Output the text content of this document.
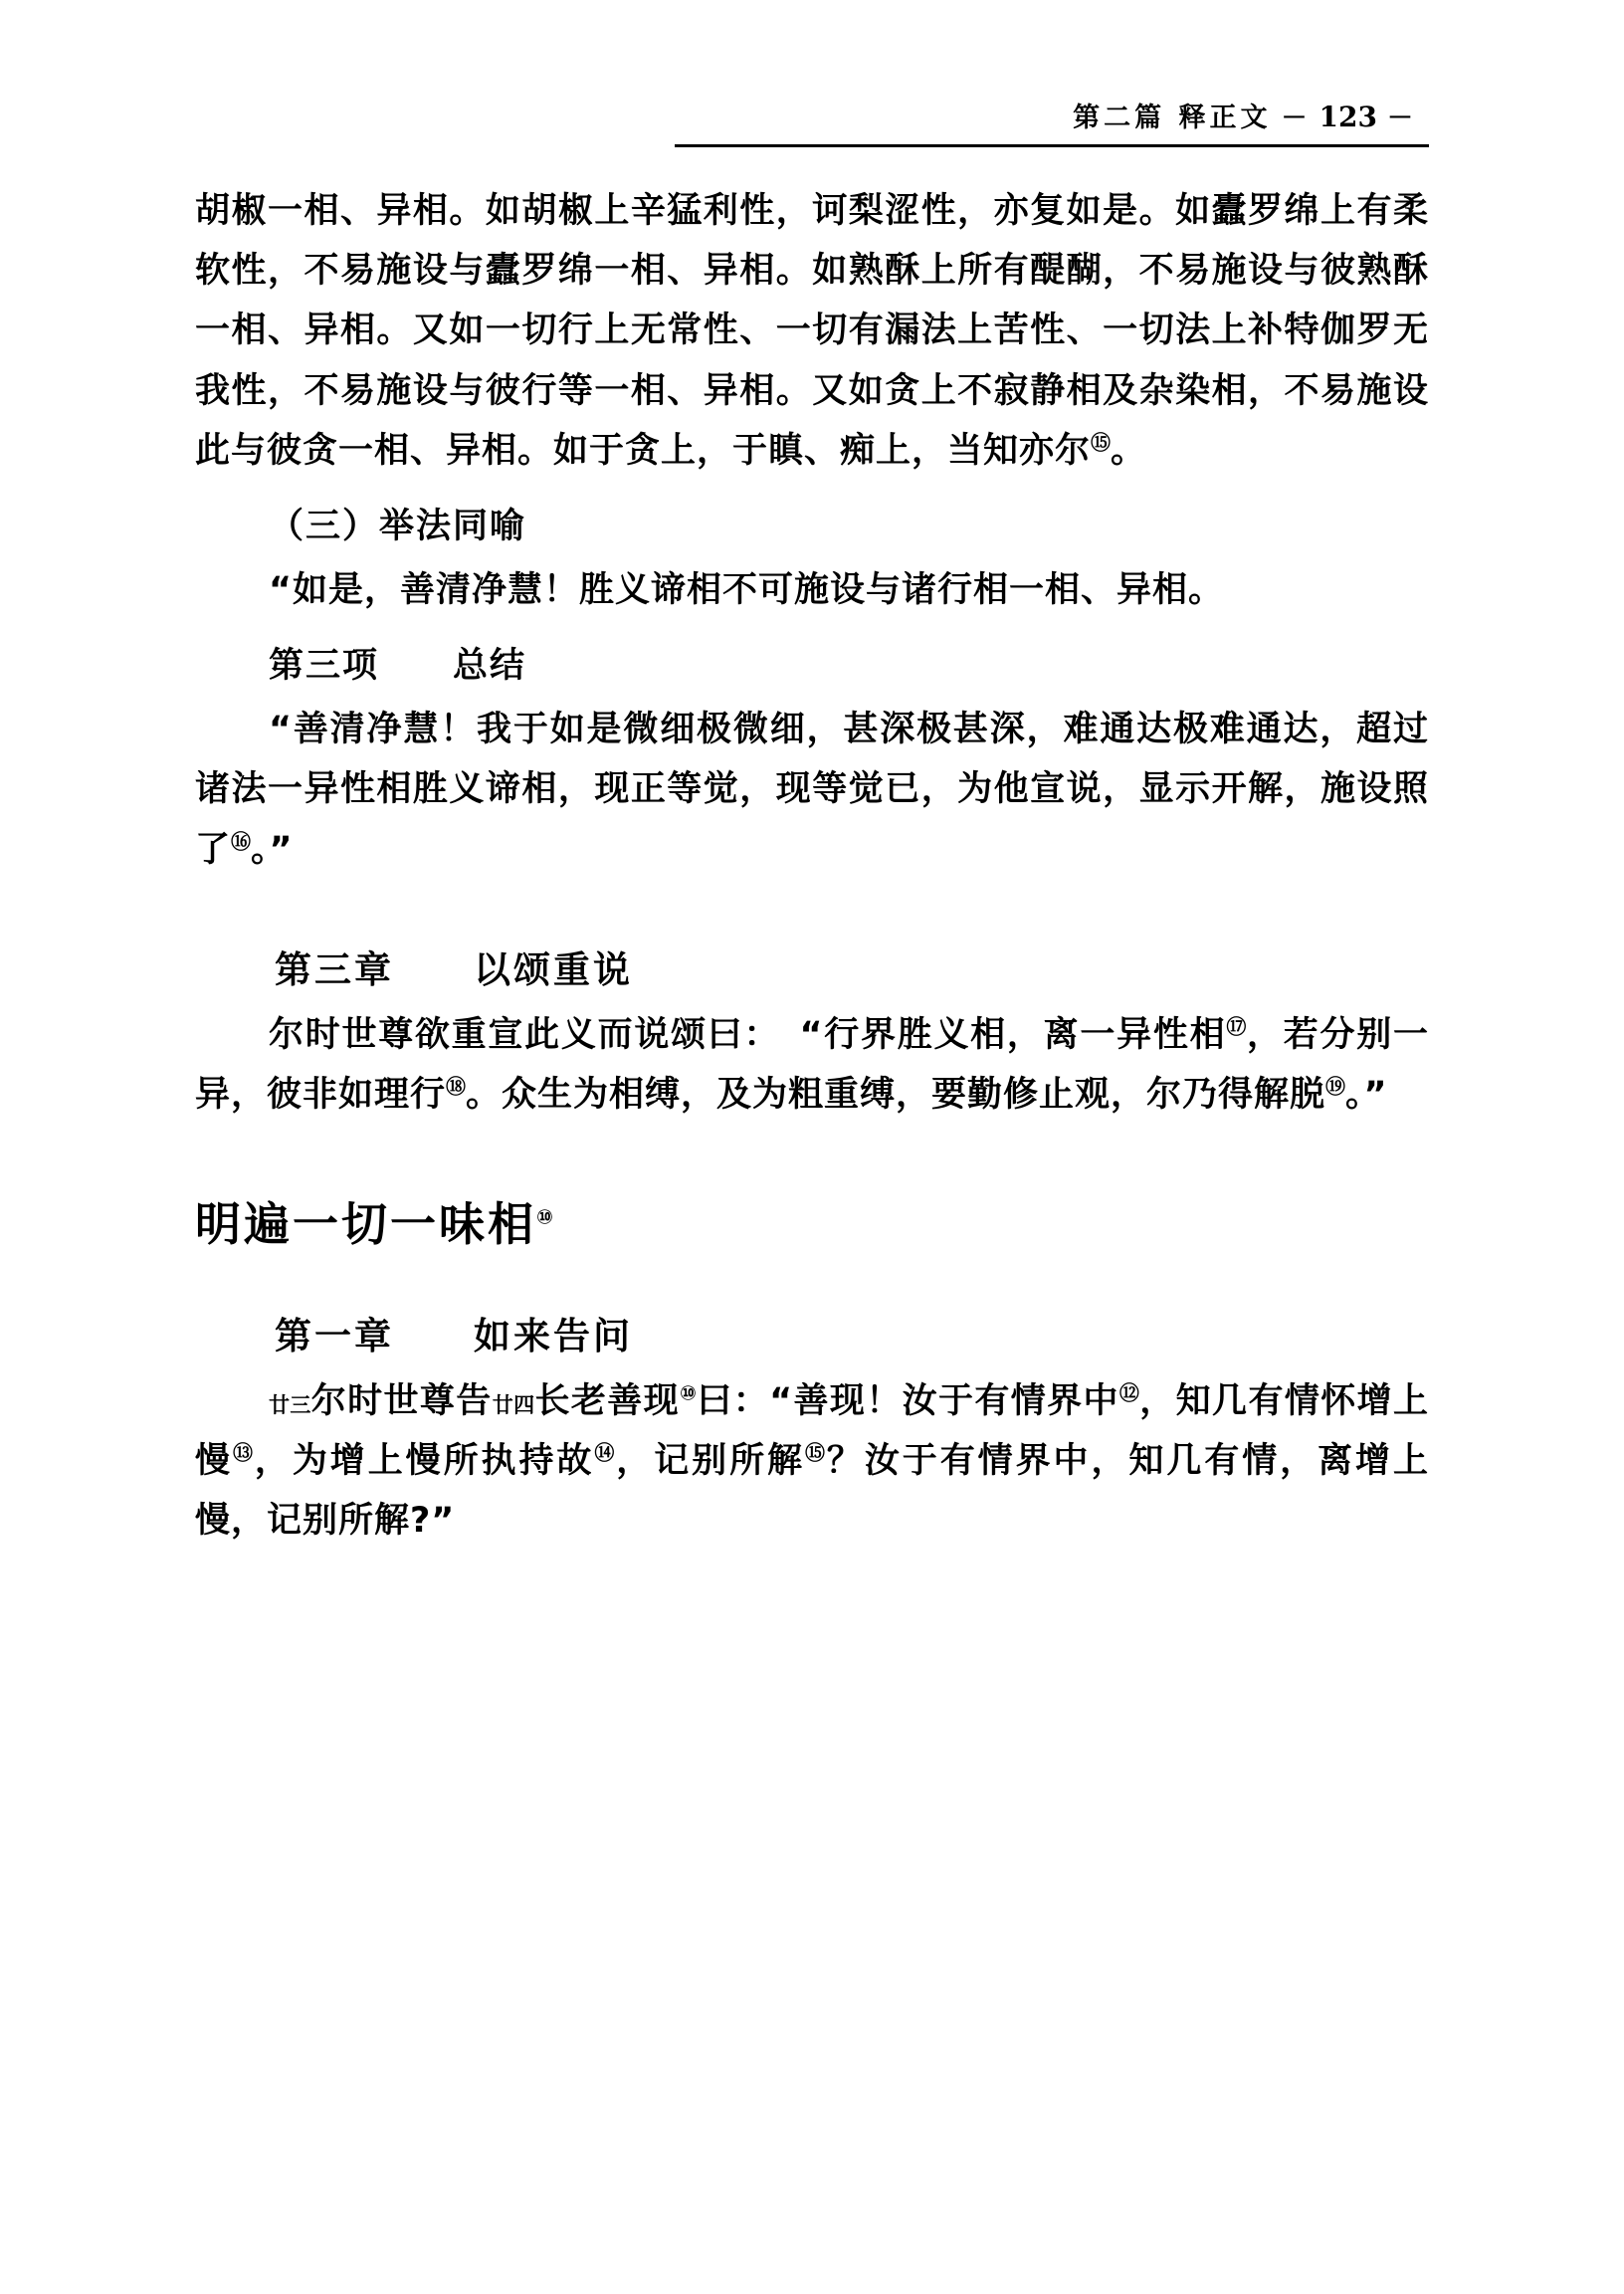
第二篇 释正文 － 123 －
胡椒一相、异相。如胡椒上辛猛利性，诃梨涩性，亦复如是。如蠹罗绵上有柔软性，不易施设与蠹罗绵一相、异相。如熟酥上所有醍醐，不易施设与彼熟酥一相、异相。又如一切行上无常性、一切有漏法上苦性、一切法上补特伽罗无我性，不易施设与彼行等一相、异相。又如贪上不寂静相及杂染相，不易施设此与彼贪一相、异相。如于贪上，于瞋、痴上，当知亦尔⑮。
（三）举法同喻
“如是，善清净慧！胜义谛相不可施设与诸行相一相、异相。
第三项　　总结
“善清净慧！我于如是微细极微细，甚深极甚深，难通达极难通达，超过诸法一异性相胜义谛相，现正等觉，现等觉已，为他宣说，显示开解，施设照了⑯。”
第三章　　以颂重说
尔时世尊欲重宣此义而说颂曰：　“行界胜义相，离一异性相⑰，若分别一异，彼非如理行⑱。众生为相缚，及为粗重缚，要勤修止观，尔乃得解脱⑲。”
明遍一切一味相⑩
第一章　　如来告问
廿三尔时世尊告廿四长老善现⑩曰：“善现！汝于有情界中⑫，知几有情怀增上慢⑬，为增上慢所执持故⑭，记别所解⑮？汝于有情界中，知几有情，离增上慢，记别所解?”
